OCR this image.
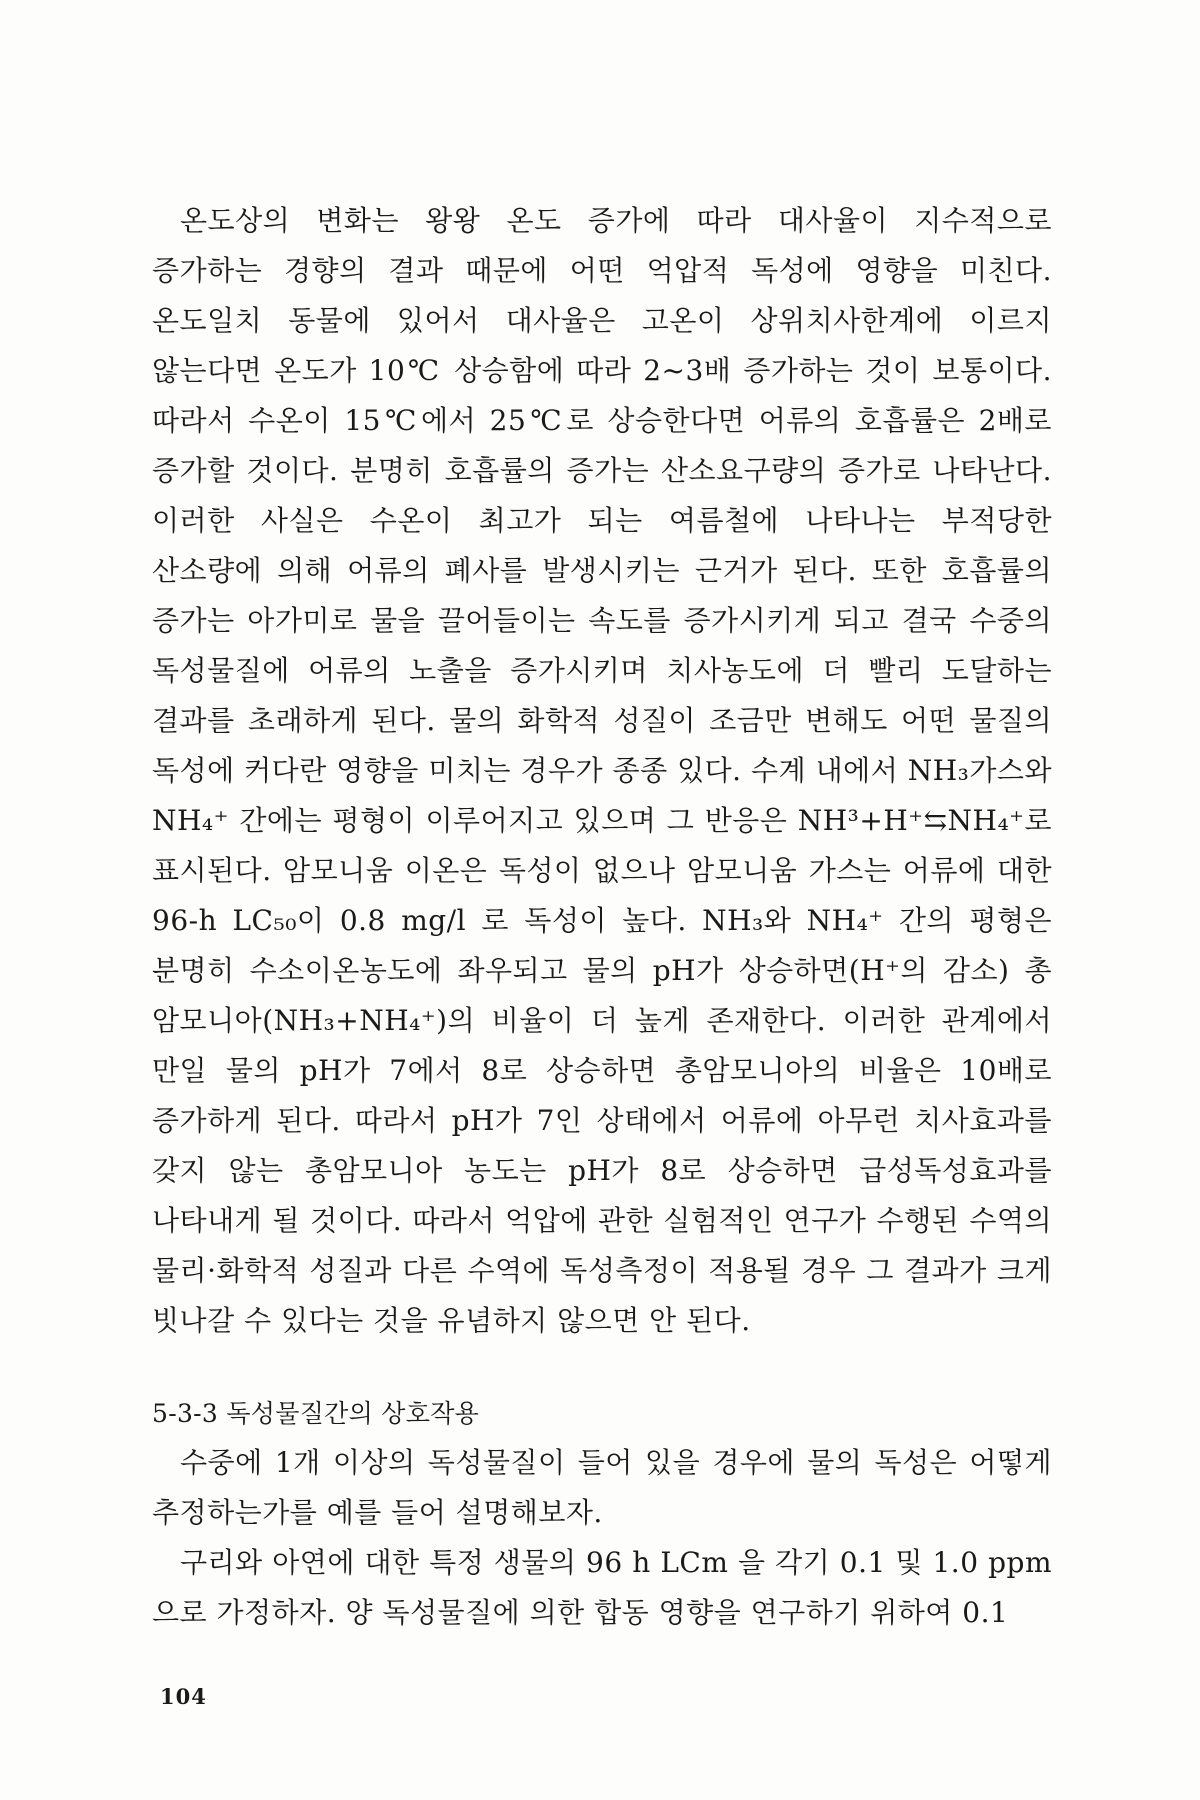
온도상의 변화는 왕왕 온도 증가에 따라 대사율이 지수적으로 증가하는 경향의 결과 때문에 어떤 억압적 독성에 영향을 미친다. 온도일치 동물에 있어서 대사율은 고온이 상위치사한계에 이르지 않는다면 온도가 10℃ 상승함에 따라 2~3배 증가하는 것이 보통이다. 따라서 수온이 15℃에서 25℃로 상승한다면 어류의 호흡률은 2배로 증가할 것이다. 분명히 호흡률의 증가는 산소요구량의 증가로 나타난다. 이러한 사실은 수온이 최고가 되는 여름철에 나타나는 부적당한 산소량에 의해 어류의 폐사를 발생시키는 근거가 된다. 또한 호흡률의 증가는 아가미로 물을 끌어들이는 속도를 증가시키게 되고 결국 수중의 독성물질에 어류의 노출을 증가시키며 치사농도에 더 빨리 도달하는 결과를 초래하게 된다. 물의 화학적 성질이 조금만 변해도 어떤 물질의 독성에 커다란 영향을 미치는 경우가 종종 있다. 수계 내에서 NH₃가스와 NH₄⁺ 간에는 평형이 이루어지고 있으며 그 반응은 NH³+H⁺⇆NH₄⁺로 표시된다. 암모니움 이온은 독성이 없으나 암모니움 가스는 어류에 대한 96-h LC₅₀이 0.8 mg/l 로 독성이 높다. NH₃와 NH₄⁺ 간의 평형은 분명히 수소이온농도에 좌우되고 물의 pH가 상승하면(H⁺의 감소) 총 암모니아(NH₃+NH₄⁺)의 비율이 더 높게 존재한다. 이러한 관계에서 만일 물의 pH가 7에서 8로 상승하면 총암모니아의 비율은 10배로 증가하게 된다. 따라서 pH가 7인 상태에서 어류에 아무런 치사효과를 갖지 않는 총암모니아 농도는 pH가 8로 상승하면 급성독성효과를 나타내게 될 것이다. 따라서 억압에 관한 실험적인 연구가 수행된 수역의 물리·화학적 성질과 다른 수역에 독성측정이 적용될 경우 그 결과가 크게 빗나갈 수 있다는 것을 유념하지 않으면 안 된다.

5-3-3 독성물질간의 상호작용

수중에 1개 이상의 독성물질이 들어 있을 경우에 물의 독성은 어떻게 추정하는가를 예를 들어 설명해보자.

구리와 아연에 대한 특정 생물의 96 h LCm 을 각기 0.1 및 1.0 ppm 으로 가정하자. 양 독성물질에 의한 합동 영향을 연구하기 위하여 0.1

104
